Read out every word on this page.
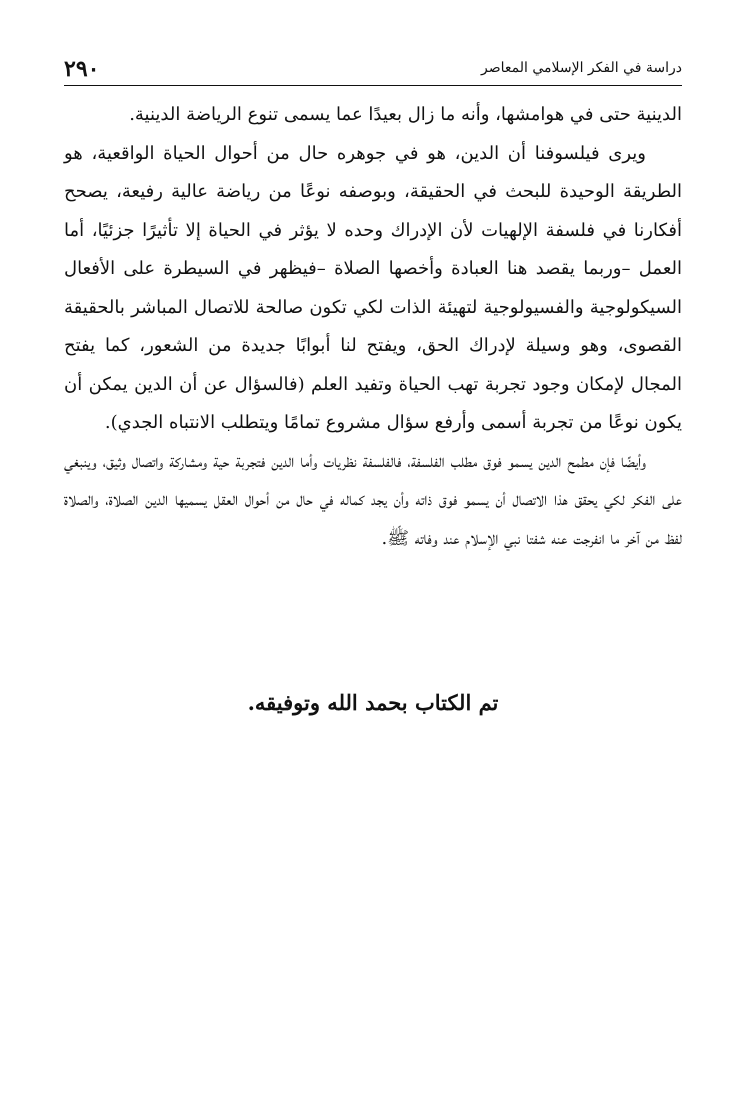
٢٩٠	دراسة في الفكر الإسلامي المعاصر

الدينية حتى في هوامشها، وأنه ما زال بعيدًا عما يسمى تنوع الرياضة الدينية.

ويرى فيلسوفنا أن الدين، هو في جوهره حال من أحوال الحياة الواقعية، هو الطريقة الوحيدة للبحث في الحقيقة، وبوصفه نوعًا من رياضة عالية رفيعة، يصحح أفكارنا في فلسفة الإلهيات لأن الإدراك وحده لا يؤثر في الحياة إلا تأثيرًا جزئيًا، أما العمل –وربما يقصد هنا العبادة وأخصها الصلاة –فيظهر في السيطرة على الأفعال السيكولوجية والفسيولوجية لتهيئة الذات لكي تكون صالحة للاتصال المباشر بالحقيقة القصوى، وهو وسيلة لإدراك الحق، ويفتح لنا أبوابًا جديدة من الشعور، كما يفتح المجال لإمكان وجود تجربة تهب الحياة وتفيد العلم (فالسؤال عن أن الدين يمكن أن يكون نوعًا من تجربة أسمى وأرفع سؤال مشروع تمامًا ويتطلب الانتباه الجدي).

وأيضًا فإن مطمح الدين يسمو فوق مطلب الفلسفة، فالفلسفة نظريات وأما الدين فتجربة حية ومشاركة واتصال وثيق، وينبغي على الفكر لكي يحقق هذا الاتصال أن يسمو فوق ذاته وأن يجد كماله في حال من أحوال العقل يسميها الدين الصلاة، والصلاة لفظ من آخر ما انفرجت عنه شفتا نبي الإسلام عند وفاته ﷺ.

تم الكتاب بحمد الله وتوفيقه.
